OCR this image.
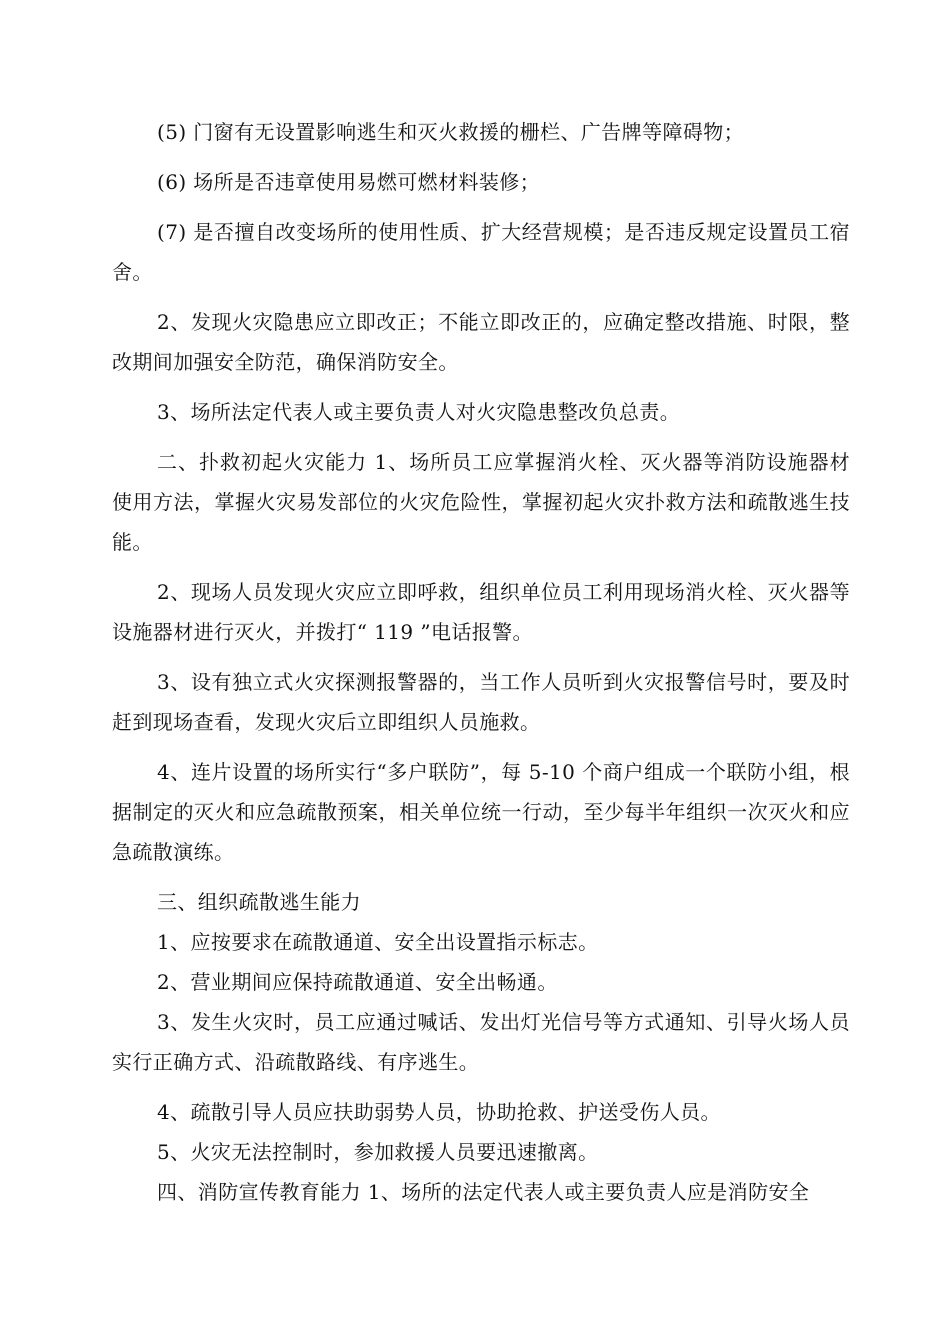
(5) 门窗有无设置影响逃生和灭火救援的栅栏、广告牌等障碍物；

(6) 场所是否违章使用易燃可燃材料装修；

(7) 是否擅自改变场所的使用性质、扩大经营规模；是否违反规定设置员工宿舍。

2、发现火灾隐患应立即改正；不能立即改正的，应确定整改措施、时限，整改期间加强安全防范，确保消防安全。

3、场所法定代表人或主要负责人对火灾隐患整改负总责。

二、扑救初起火灾能力 1、场所员工应掌握消火栓、灭火器等消防设施器材使用方法，掌握火灾易发部位的火灾危险性，掌握初起火灾扑救方法和疏散逃生技能。

2、现场人员发现火灾应立即呼救，组织单位员工利用现场消火栓、灭火器等设施器材进行灭火，并拨打“ 119 ”电话报警。

3、设有独立式火灾探测报警器的，当工作人员听到火灾报警信号时，要及时赶到现场查看，发现火灾后立即组织人员施救。

4、连片设置的场所实行“多户联防”，每 5-10 个商户组成一个联防小组，根据制定的灭火和应急疏散预案，相关单位统一行动，至少每半年组织一次灭火和应急疏散演练。

三、组织疏散逃生能力

1、应按要求在疏散通道、安全出设置指示标志。

2、营业期间应保持疏散通道、安全出畅通。

3、发生火灾时，员工应通过喊话、发出灯光信号等方式通知、引导火场人员实行正确方式、沿疏散路线、有序逃生。

4、疏散引导人员应扶助弱势人员，协助抢救、护送受伤人员。

5、火灾无法控制时，参加救援人员要迅速撤离。

四、消防宣传教育能力 1、场所的法定代表人或主要负责人应是消防安全
